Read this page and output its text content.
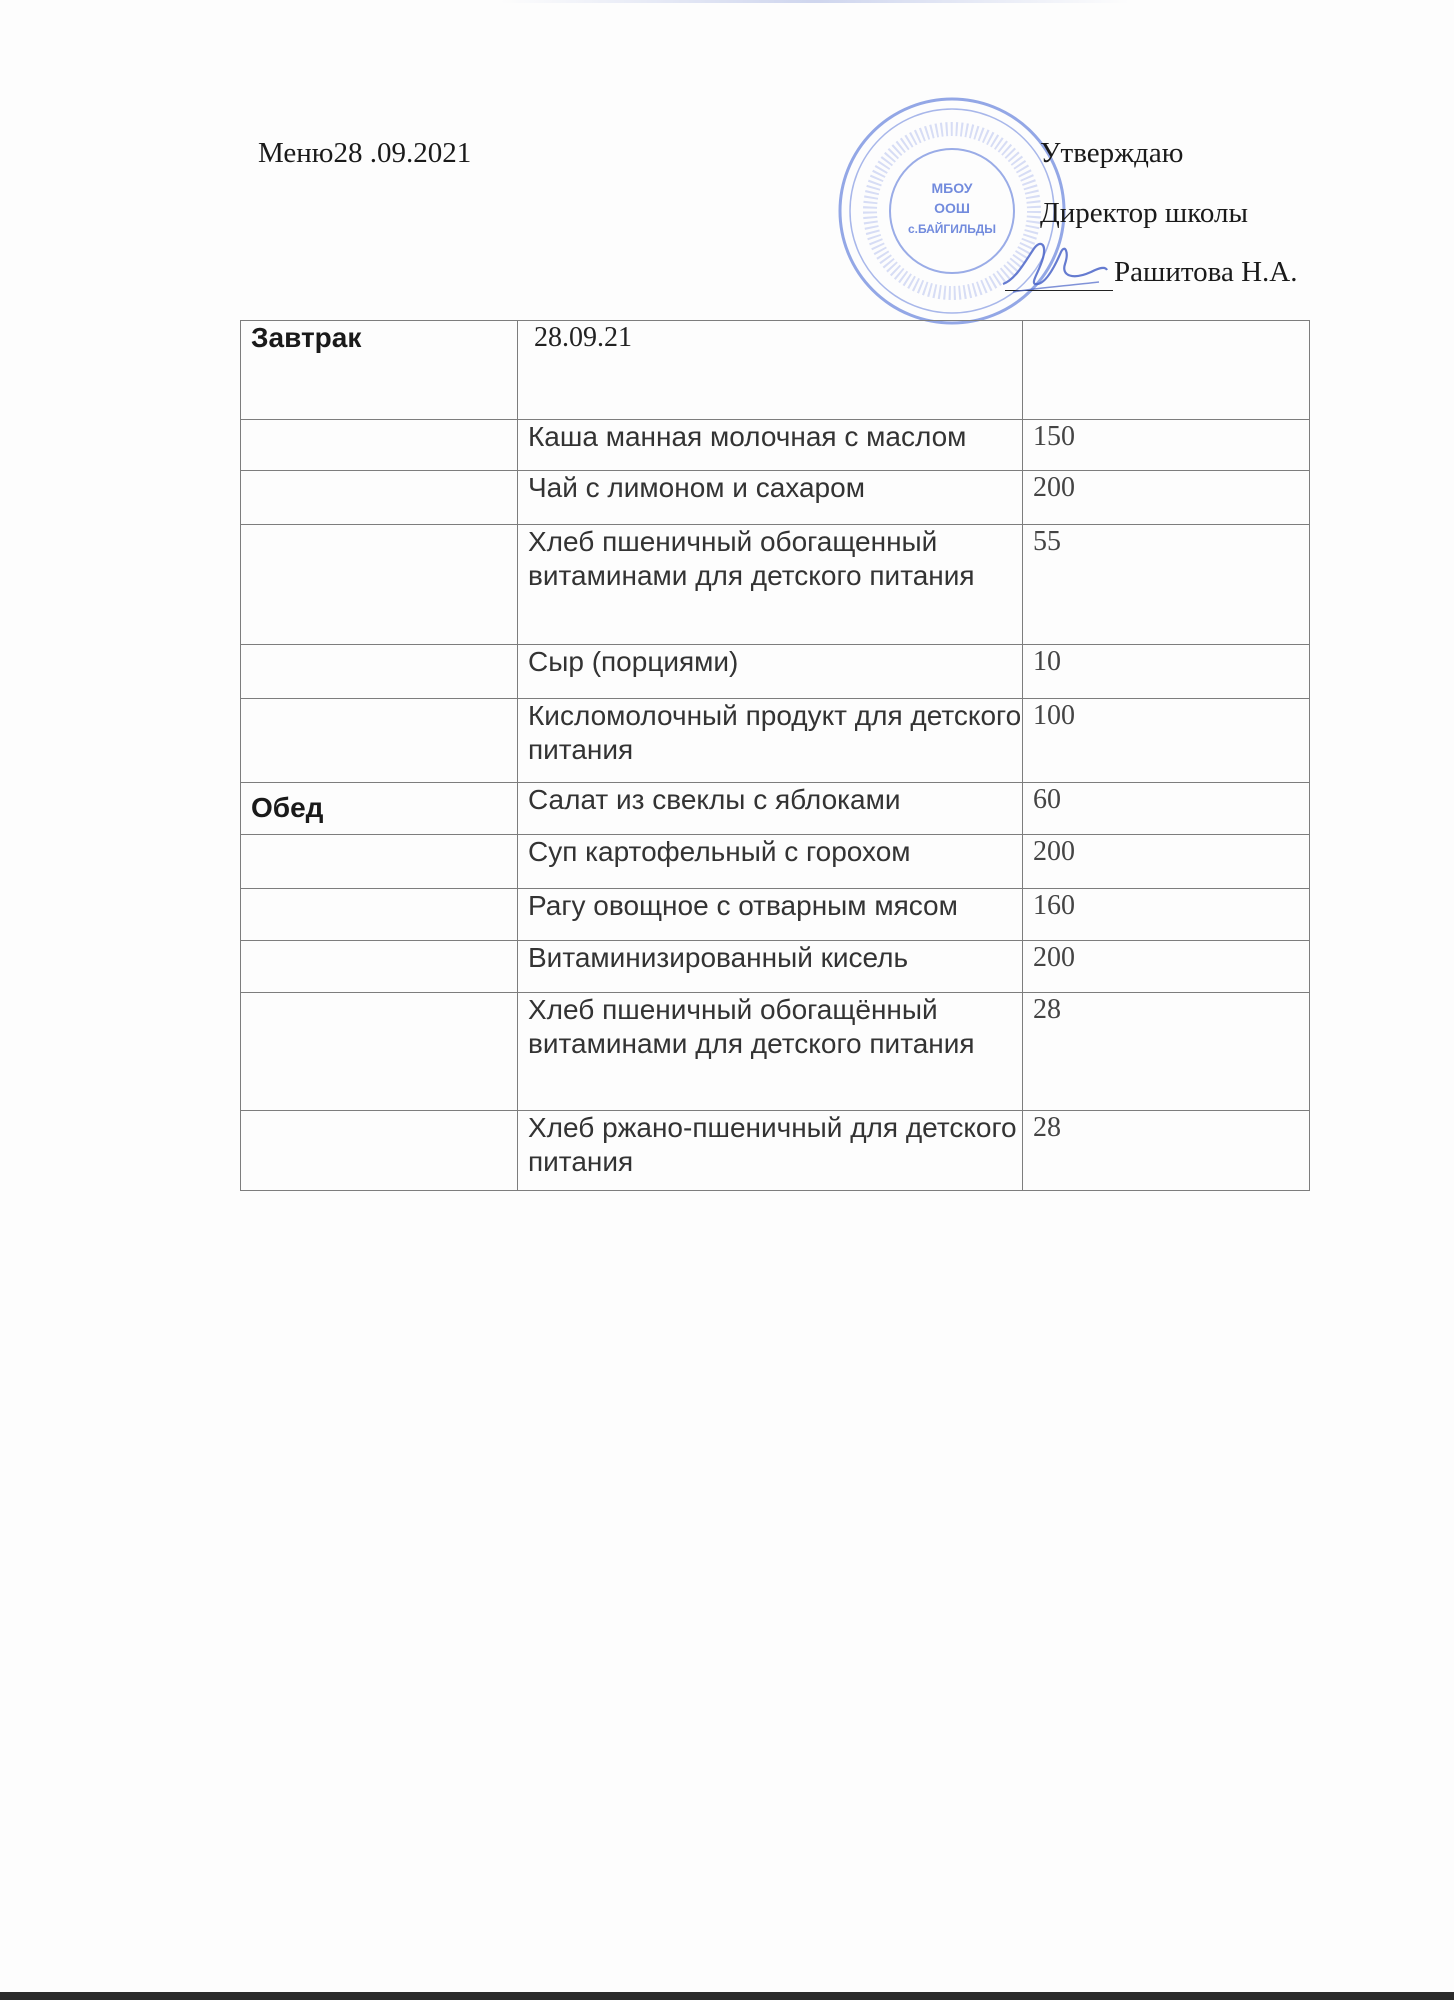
Меню28 .09.2021
МБОУ
ООШ
с.БАЙГИЛЬДЫ
Утверждаю
Директор школы
Рашитова Н.А.
Завтрак	28.09.21	
	Каша манная молочная с маслом	150
	Чай с лимоном и сахаром	200
	Хлеб пшеничный обогащенный витаминами для детского питания	55
	Сыр (порциями)	10
	Кисломолочный продукт для детского питания	100
Обед	Салат из свеклы с яблоками	60
	Суп картофельный с горохом	200
	Рагу овощное с отварным мясом	160
	Витаминизированный кисель	200
	Хлеб пшеничный обогащённый витаминами для детского питания	28
	Хлеб ржано-пшеничный для детского питания	28
